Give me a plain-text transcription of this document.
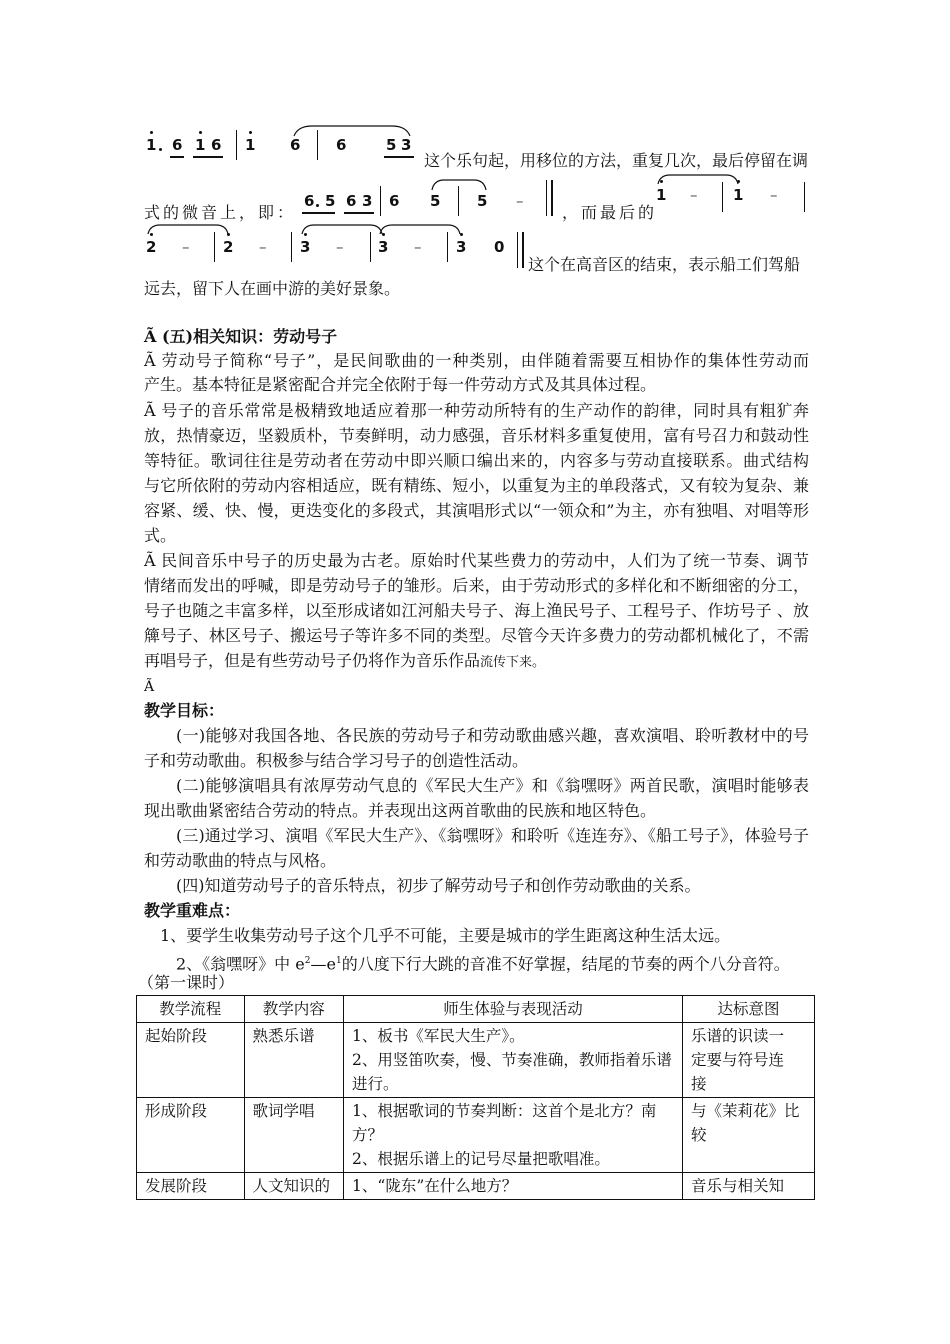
1 6 1 6 1 6 6	5 3
这个乐句起，用移位的方法，重复几次，最后停留在调
式的微音上，即：
6 5 6 3 6 5 5 –
，而最后的
1 – 1 –
2 – 2 – 3 – 3 – 3 0
这个在高音区的结束，表示船工们驾船
远去，留下人在画中游的美好景象。
Ã (五)相关知识：劳动号子
Ã 劳动号子简称“号子”，是民间歌曲的一种类别，由伴随着需要互相协作的集体性劳动而
产生。基本特征是紧密配合并完全依附于每一件劳动方式及其具体过程。
Ã 号子的音乐常常是极精致地适应着那一种劳动所特有的生产动作的韵律，同时具有粗犷奔
放，热情豪迈，坚毅质朴，节奏鲜明，动力感强，音乐材料多重复使用，富有号召力和鼓动性
等特征。歌词往往是劳动者在劳动中即兴顺口编出来的，内容多与劳动直接联系。曲式结构
与它所依附的劳动内容相适应，既有精练、短小，以重复为主的单段落式，又有较为复杂、兼
容紧、缓、快、慢，更迭变化的多段式，其演唱形式以“一领众和”为主，亦有独唱、对唱等形
式。
Ã 民间音乐中号子的历史最为古老。原始时代某些费力的劳动中，人们为了统一节奏、调节
情绪而发出的呼喊，即是劳动号子的雏形。后来，由于劳动形式的多样化和不断细密的分工，
号子也随之丰富多样，以至形成诸如江河船夫号子、海上渔民号子、工程号子、作坊号子 、放
簰号子、林区号子、搬运号子等许多不同的类型。尽管今天许多费力的劳动都机械化了，不需
再唱号子，但是有些劳动号子仍将作为音乐作品流传下来。
Ã
教学目标：
(一)能够对我国各地、各民族的劳动号子和劳动歌曲感兴趣，喜欢演唱、聆听教材中的号
子和劳动歌曲。积极参与结合学习号子的创造性活动。
(二)能够演唱具有浓厚劳动气息的《军民大生产》和《翁嘿呀》两首民歌，演唱时能够表
现出歌曲紧密结合劳动的特点。并表现出这两首歌曲的民族和地区特色。
(三)通过学习、演唱《军民大生产》、《翁嘿呀》和聆听《连连夯》、《船工号子》，体验号子
和劳动歌曲的特点与风格。
(四)知道劳动号子的音乐特点，初步了解劳动号子和创作劳动歌曲的关系。
教学重难点：
1、要学生收集劳动号子这个几乎不可能，主要是城市的学生距离这种生活太远。
2、《翁嘿呀》中 $e^2—e^1$的八度下行大跳的音准不好掌握，结尾的节奏的两个八分音符。
（第一课时）
教学流程	教学内容	师生体验与表现活动	达标意图
起始阶段	熟悉乐谱	1、板书《军民大生产》。
2、用竖笛吹奏，慢、节奏准确，教师指着乐谱
进行。	乐谱的识读一
定要与符号连
接

形成阶段	歌词学唱	1、根据歌词的节奏判断：这首个是北方？南
方？
2、根据乐谱上的记号尽量把歌唱准。	与《茉莉花》比
较

发展阶段	人文知识的	1、“陇东”在什么地方？	音乐与相关知
